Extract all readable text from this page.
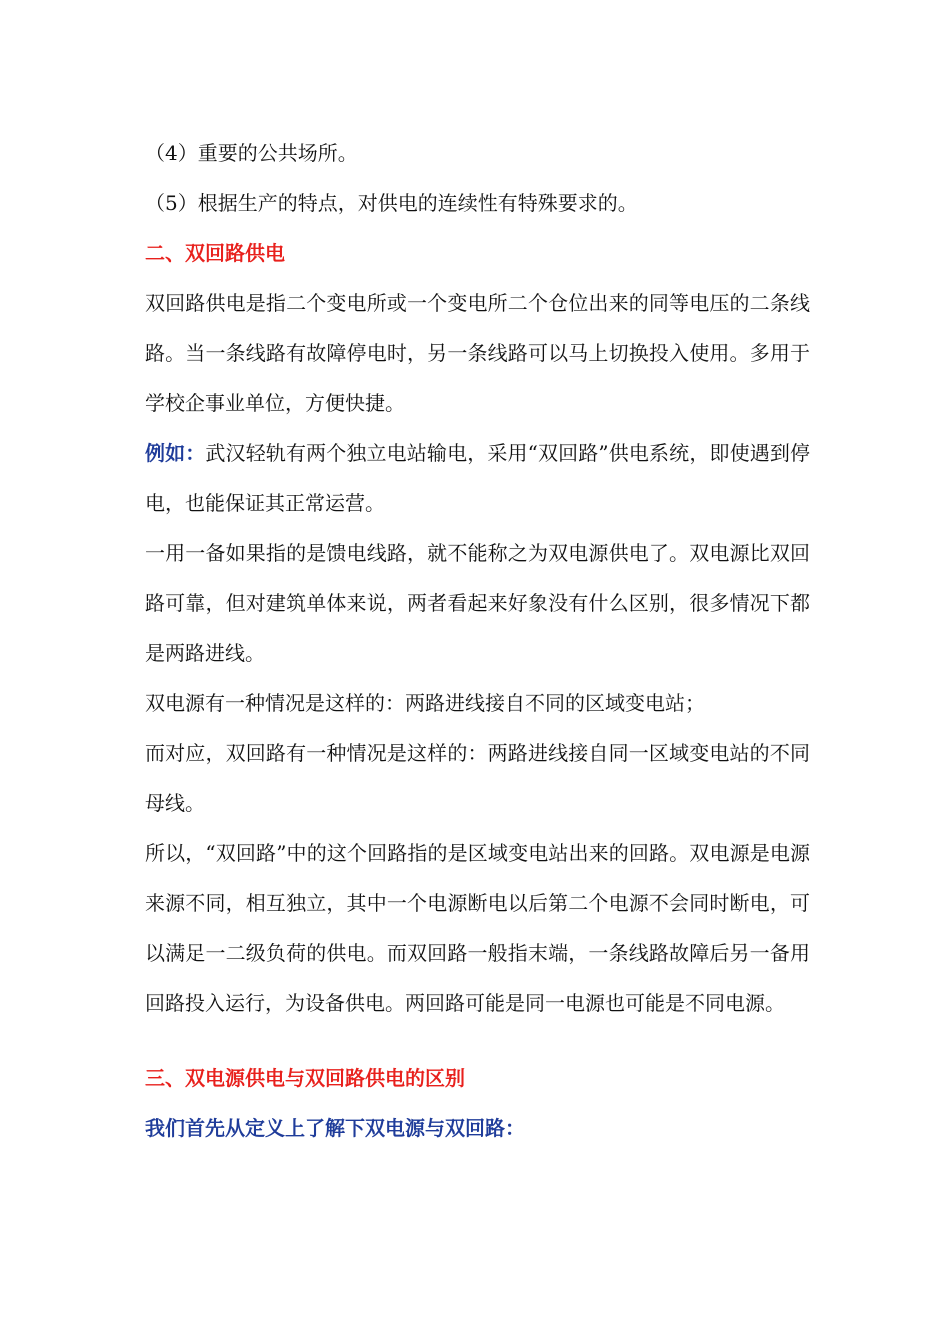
（4）重要的公共场所。

（5）根据生产的特点，对供电的连续性有特殊要求的。

二、双回路供电

双回路供电是指二个变电所或一个变电所二个仓位出来的同等电压的二条线路。当一条线路有故障停电时，另一条线路可以马上切换投入使用。多用于学校企事业单位，方便快捷。

例如：武汉轻轨有两个独立电站输电，采用“双回路”供电系统，即使遇到停电，也能保证其正常运营。

一用一备如果指的是馈电线路，就不能称之为双电源供电了。双电源比双回路可靠，但对建筑单体来说，两者看起来好象没有什么区别，很多情况下都是两路进线。

双电源有一种情况是这样的：两路进线接自不同的区域变电站；

而对应，双回路有一种情况是这样的：两路进线接自同一区域变电站的不同母线。

所以，“双回路”中的这个回路指的是区域变电站出来的回路。双电源是电源来源不同，相互独立，其中一个电源断电以后第二个电源不会同时断电，可以满足一二级负荷的供电。而双回路一般指末端，一条线路故障后另一备用回路投入运行，为设备供电。两回路可能是同一电源也可能是不同电源。

三、双电源供电与双回路供电的区别

我们首先从定义上了解下双电源与双回路：
